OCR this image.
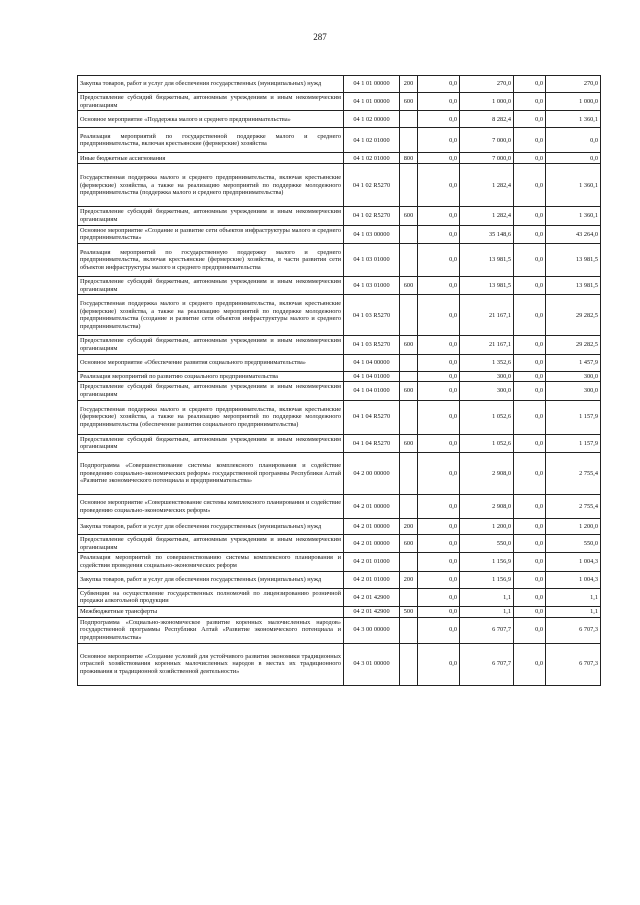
287
Закупка товаров, работ и услуг для обеспечения государственных (муниципальных) нужд	04 1 01 00000	200	0,0	270,0	0,0	270,0
Предоставление субсидий бюджетным, автономным учреждениям и иным некоммерческим организациям	04 1 01 00000	600	0,0	1 000,0	0,0	1 000,0
Основное мероприятие «Поддержка малого и среднего предпринимательства»	04 1 02 00000		0,0	8 282,4	0,0	1 360,1
Реализация мероприятий по государственной поддержке малого и среднего предпринимательства, включая крестьянские (фермерские) хозяйства	04 1 02 01000		0,0	7 000,0	0,0	0,0
Иные бюджетные ассигнования	04 1 02 01000	800	0,0	7 000,0	0,0	0,0
Государственная поддержка малого и среднего предпринимательства, включая крестьянские (фермерские) хозяйства, а также на реализацию мероприятий по поддержке молодежного предпринимательства (поддержка малого и среднего предпринимательства)	04 1 02 R5270		0,0	1 282,4	0,0	1 360,1
Предоставление субсидий бюджетным, автономным учреждениям и иным некоммерческим организациям	04 1 02 R5270	600	0,0	1 282,4	0,0	1 360,1
Основное мероприятие «Создание и развитие сети объектов инфраструктуры малого и среднего предпринимательства»	04 1 03 00000		0,0	35 148,6	0,0	43 264,0
Реализация мероприятий по государственную поддержку малого и среднего предпринимательства, включая крестьянские (фермерские) хозяйства, в части развития сети объектов инфраструктуры малого и среднего предпринимательства	04 1 03 01000		0,0	13 981,5	0,0	13 981,5
Предоставление субсидий бюджетным, автономным учреждениям и иным некоммерческим организациям	04 1 03 01000	600	0,0	13 981,5	0,0	13 981,5
Государственная поддержка малого и среднего предпринимательства, включая крестьянские (фермерские) хозяйства, а также на реализацию мероприятий по поддержке молодежного предпринимательства (создание и развитие сети объектов инфраструктуры малого и среднего предпринимательства)	04 1 03 R5270		0,0	21 167,1	0,0	29 282,5
Предоставление субсидий бюджетным, автономным учреждениям и иным некоммерческим организациям	04 1 03 R5270	600	0,0	21 167,1	0,0	29 282,5
Основное мероприятие «Обеспечение развития социального предпринимательства»	04 1 04 00000		0,0	1 352,6	0,0	1 457,9
Реализация мероприятий по развитию социального предпринимательства	04 1 04 01000		0,0	300,0	0,0	300,0
Предоставление субсидий бюджетным, автономным учреждениям и иным некоммерческим организациям	04 1 04 01000	600	0,0	300,0	0,0	300,0
Государственная поддержка малого и среднего предпринимательства, включая крестьянские (фермерские) хозяйства, а также на реализацию мероприятий по поддержке молодежного предпринимательства (обеспечение развития социального предпринимательства)	04 1 04 R5270		0,0	1 052,6	0,0	1 157,9
Предоставление субсидий бюджетным, автономным учреждениям и иным некоммерческим организациям	04 1 04 R5270	600	0,0	1 052,6	0,0	1 157,9
Подпрограмма «Совершенствование системы комплексного планирования и содействие проведению социально-экономических реформ» государственной программы Республики Алтай «Развитие экономического потенциала и предпринимательства»	04 2 00 00000		0,0	2 908,0	0,0	2 755,4
Основное мероприятие «Совершенствование системы комплексного планирования и содействие проведению социально-экономических реформ»	04 2 01 00000		0,0	2 908,0	0,0	2 755,4
Закупка товаров, работ и услуг для обеспечения государственных (муниципальных) нужд	04 2 01 00000	200	0,0	1 200,0	0,0	1 200,0
Предоставление субсидий бюджетным, автономным учреждениям и иным некоммерческим организациям	04 2 01 00000	600	0,0	550,0	0,0	550,0
Реализация мероприятий по совершенствованию системы комплексного планирования и содействия проведения социально-экономических реформ	04 2 01 01000		0,0	1 156,9	0,0	1 004,3
Закупка товаров, работ и услуг для обеспечения государственных (муниципальных) нужд	04 2 01 01000	200	0,0	1 156,9	0,0	1 004,3
Субвенции на осуществление государственных полномочий по лицензированию розничной продажи алкогольной продукции	04 2 01 42900		0,0	1,1	0,0	1,1
Межбюджетные трансферты	04 2 01 42900	500	0,0	1,1	0,0	1,1
Подпрограмма «Социально-экономическое развитие коренных малочисленных народов» государственной программы Республики Алтай «Развитие экономического потенциала и предпринимательства»	04 3 00 00000		0,0	6 707,7	0,0	6 707,3
Основное мероприятие «Создание условий для устойчивого развития экономики традиционных отраслей хозяйствования коренных малочисленных народов в местах их традиционного проживания и традиционной хозяйственной деятельности»	04 3 01 00000		0,0	6 707,7	0,0	6 707,3
